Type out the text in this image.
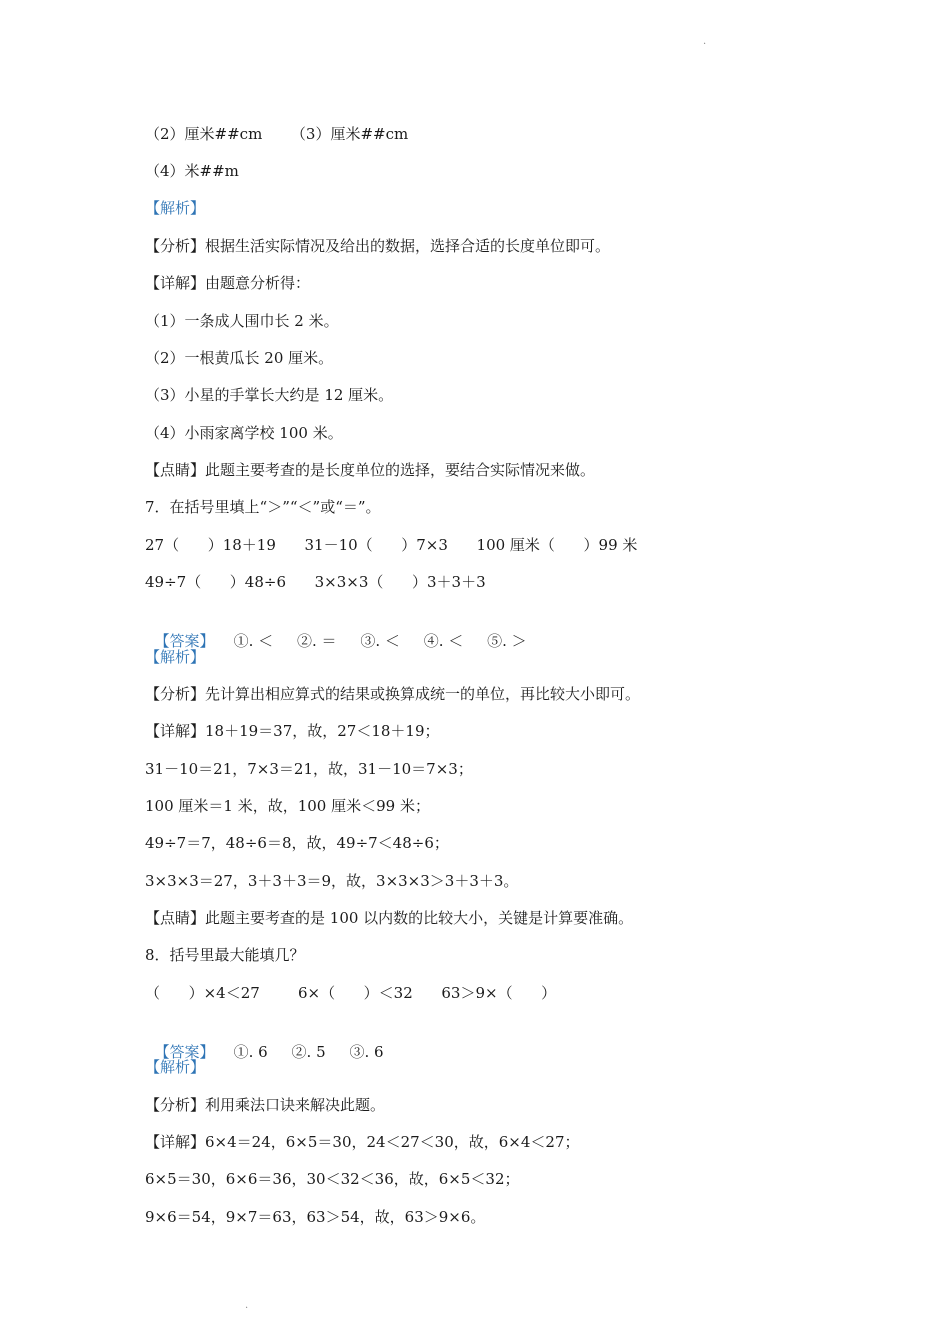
.
（2）厘米##cm      （3）厘米##cm
（4）米##m
【解析】
【分析】根据生活实际情况及给出的数据，选择合适的长度单位即可。
【详解】由题意分析得：
（1）一条成人围巾长 2 米。
（2）一根黄瓜长 20 厘米。
（3）小星的手掌长大约是 12 厘米。
（4）小雨家离学校 100 米。
【点睛】此题主要考查的是长度单位的选择，要结合实际情况来做。
7．在括号里填上“＞”“＜”或“＝”。
27（      ）18＋19      31－10（      ）7×3      100 厘米（      ）99 米
49÷7（      ）48÷6      3×3×3（      ）3＋3＋3

【答案】    ①. ＜     ②. ＝     ③. ＜     ④. ＜     ⑤. ＞

【解析】
【分析】先计算出相应算式的结果或换算成统一的单位，再比较大小即可。
【详解】18＋19＝37，故，27＜18＋19；
31－10＝21，7×3＝21，故，31－10＝7×3；
100 厘米＝1 米，故，100 厘米＜99 米；
49÷7＝7，48÷6＝8，故，49÷7＜48÷6；
3×3×3＝27，3＋3＋3＝9，故，3×3×3＞3＋3＋3。
【点睛】此题主要考查的是 100 以内数的比较大小，关键是计算要准确。
8．括号里最大能填几？
（      ）×4＜27        6×（      ）＜32      63＞9×（      ）

【答案】    ①. 6     ②. 5     ③. 6

【解析】
【分析】利用乘法口诀来解决此题。
【详解】6×4＝24，6×5＝30，24＜27＜30，故，6×4＜27；
6×5＝30，6×6＝36，30＜32＜36，故，6×5＜32；
9×6＝54，9×7＝63，63＞54，故，63＞9×6。
.
